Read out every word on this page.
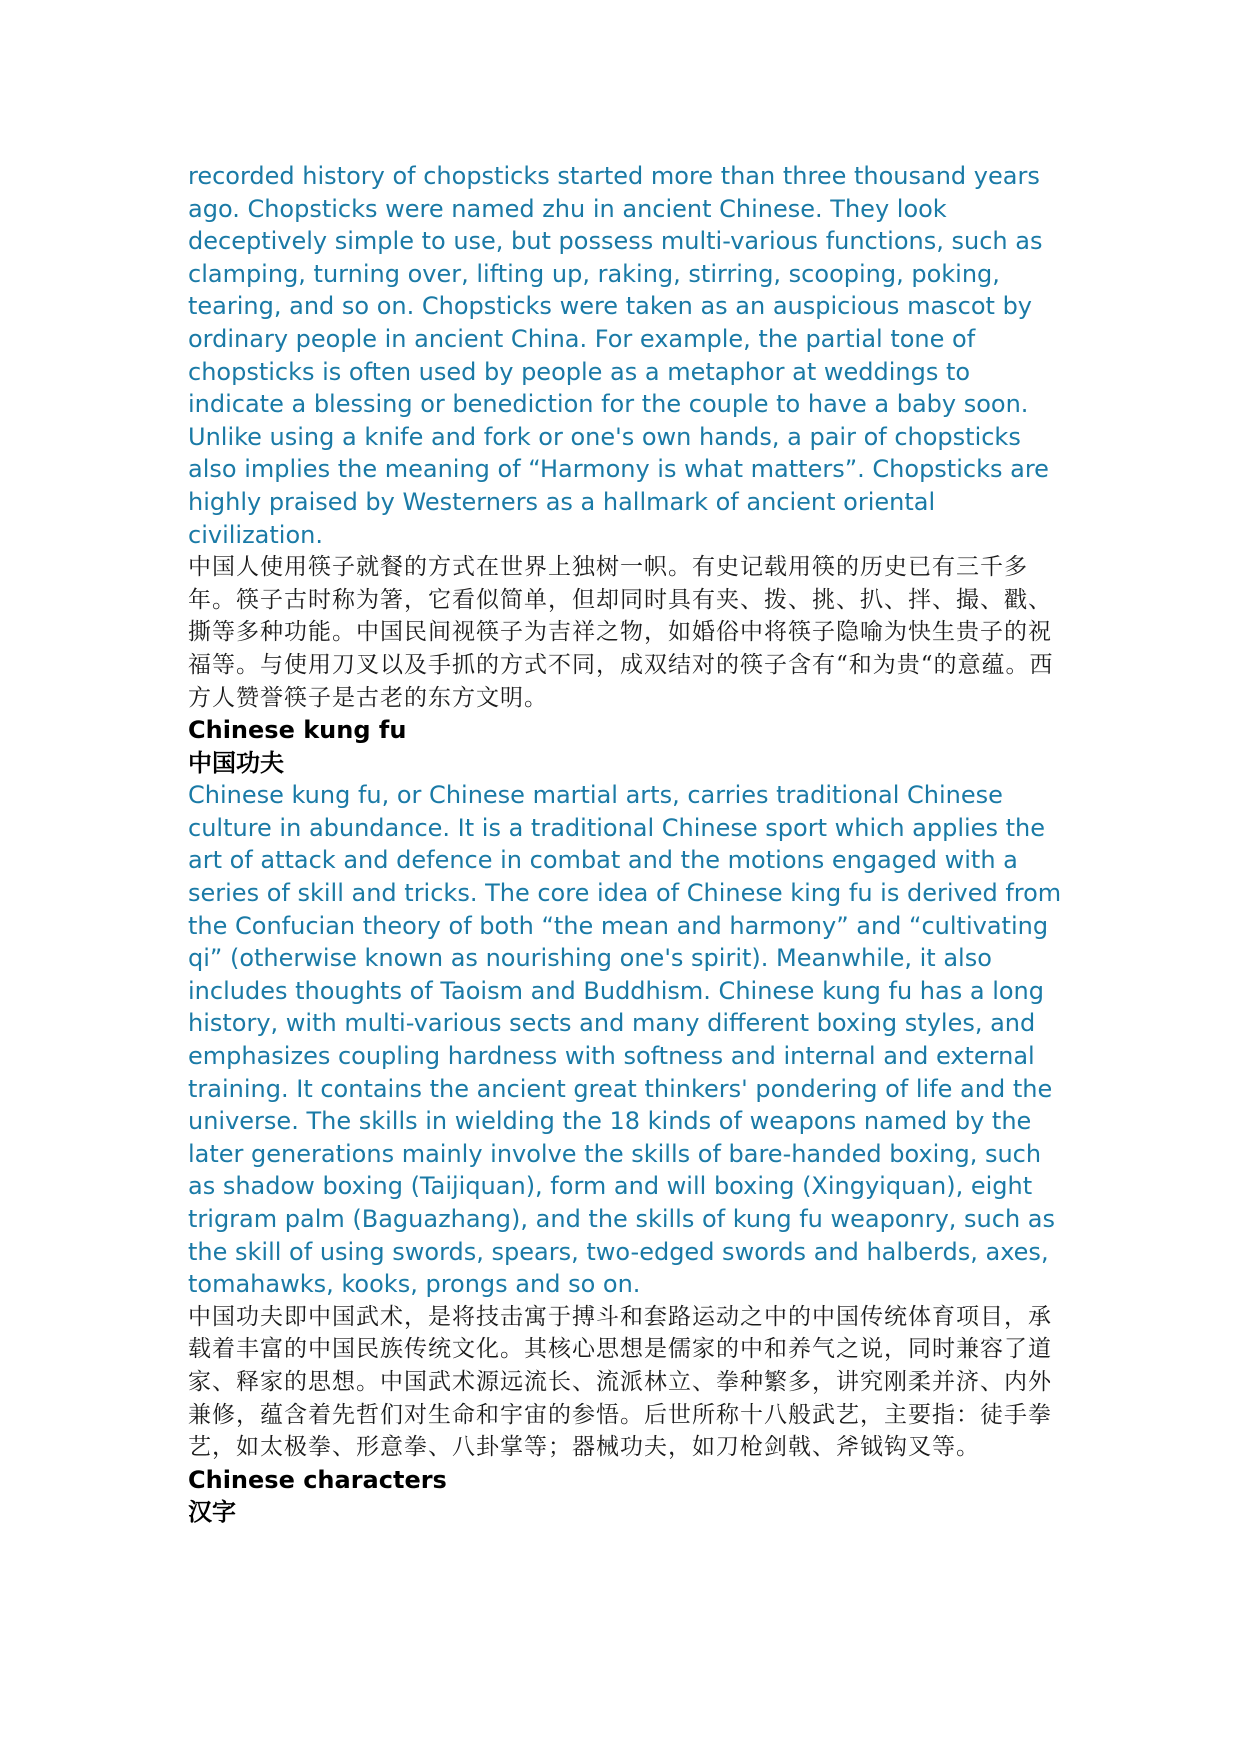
recorded history of chopsticks started more than three thousand years ago. Chopsticks were named zhu in ancient Chinese. They look deceptively simple to use, but possess multi-various functions, such as clamping, turning over, lifting up, raking, stirring, scooping, poking, tearing, and so on. Chopsticks were taken as an auspicious mascot by ordinary people in ancient China. For example, the partial tone of chopsticks is often used by people as a metaphor at weddings to indicate a blessing or benediction for the couple to have a baby soon. Unlike using a knife and fork or one's own hands, a pair of chopsticks also implies the meaning of “Harmony is what matters”. Chopsticks are highly praised by Westerners as a hallmark of ancient oriental civilization.

中国人使用筷子就餐的方式在世界上独树一帜。有史记载用筷的历史已有三千多年。筷子古时称为箸，它看似简单，但却同时具有夹、拨、挑、扒、拌、撮、戳、撕等多种功能。中国民间视筷子为吉祥之物，如婚俗中将筷子隐喻为快生贵子的祝福等。与使用刀叉以及手抓的方式不同，成双结对的筷子含有“和为贵“的意蕴。西方人赞誉筷子是古老的东方文明。

Chinese kung fu
中国功夫

Chinese kung fu, or Chinese martial arts, carries traditional Chinese culture in abundance. It is a traditional Chinese sport which applies the art of attack and defence in combat and the motions engaged with a series of skill and tricks. The core idea of Chinese king fu is derived from the Confucian theory of both “the mean and harmony” and “cultivating qi” (otherwise known as nourishing one's spirit). Meanwhile, it also includes thoughts of Taoism and Buddhism. Chinese kung fu has a long history, with multi-various sects and many different boxing styles, and emphasizes coupling hardness with softness and internal and external training. It contains the ancient great thinkers' pondering of life and the universe. The skills in wielding the 18 kinds of weapons named by the later generations mainly involve the skills of bare-handed boxing, such as shadow boxing (Taijiquan), form and will boxing (Xingyiquan), eight trigram palm (Baguazhang), and the skills of kung fu weaponry, such as the skill of using swords, spears, two-edged swords and halberds, axes, tomahawks, kooks, prongs and so on.

中国功夫即中国武术，是将技击寓于搏斗和套路运动之中的中国传统体育项目，承载着丰富的中国民族传统文化。其核心思想是儒家的中和养气之说，同时兼容了道家、释家的思想。中国武术源远流长、流派林立、拳种繁多，讲究刚柔并济、内外兼修，蕴含着先哲们对生命和宇宙的参悟。后世所称十八般武艺，主要指：徒手拳艺，如太极拳、形意拳、八卦掌等；器械功夫，如刀枪剑戟、斧钺钩叉等。

Chinese characters
汉字
